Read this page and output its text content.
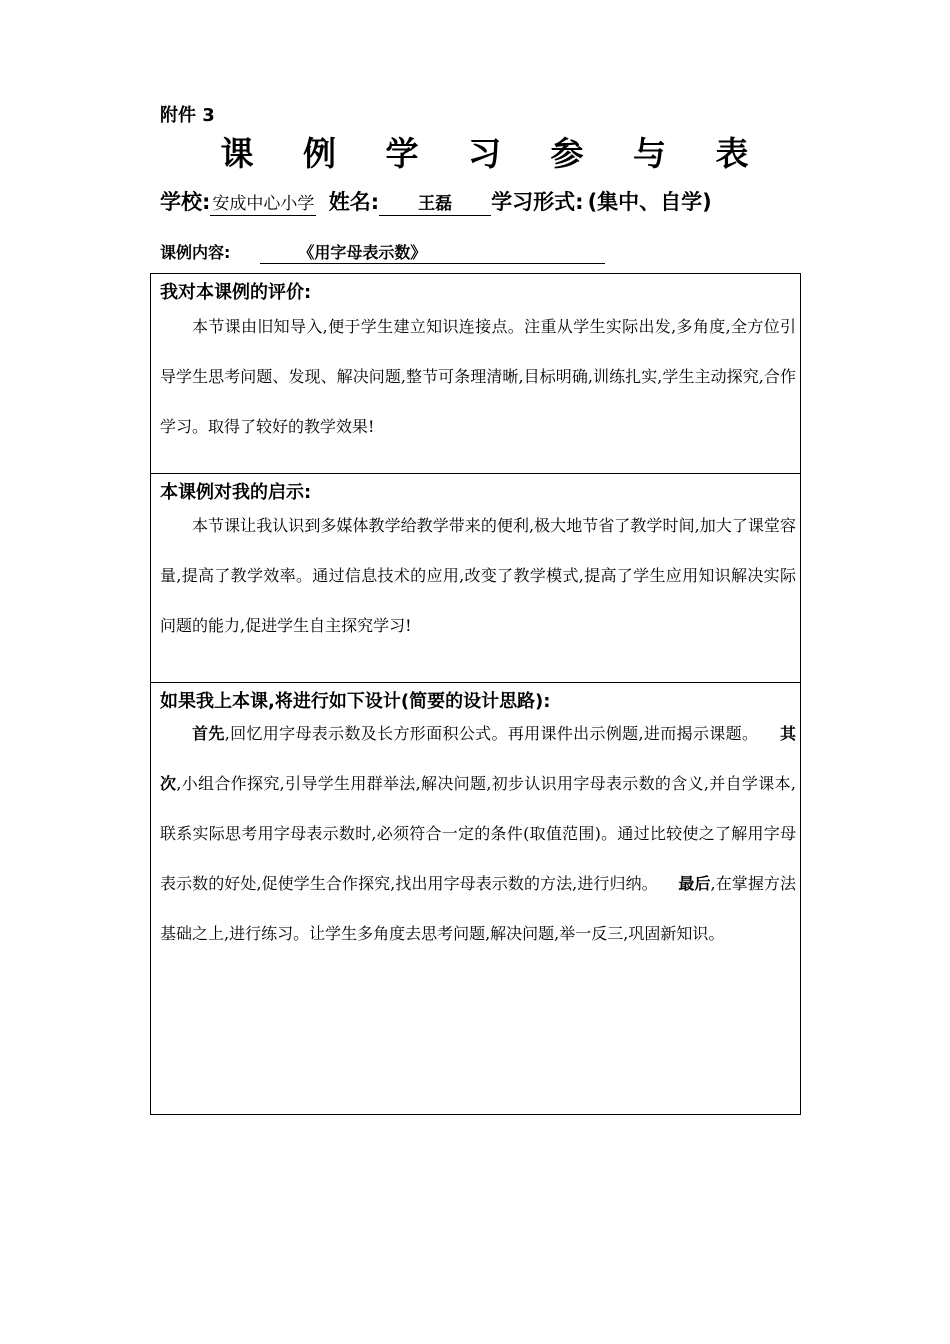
附件 3
课 例 学 习 参 与 表
学校: 安成中心小学 姓名: 王磊 学习形式: (集中、自学)
课例内容:	《用字母表示数》
我对本课例的评价:
本节课由旧知导入,便于学生建立知识连接点。注重从学生实际出发,多角度,全方位引导学生思考问题、发现、解决问题,整节可条理清晰,目标明确,训练扎实,学生主动探究,合作学习。取得了较好的教学效果!
本课例对我的启示:
本节课让我认识到多媒体教学给教学带来的便利,极大地节省了教学时间,加大了课堂容量,提高了教学效率。通过信息技术的应用,改变了教学模式,提高了学生应用知识解决实际问题的能力,促进学生自主探究学习!
如果我上本课,将进行如下设计(简要的设计思路):
首先,回忆用字母表示数及长方形面积公式。再用课件出示例题,进而揭示课题。 其次,小组合作探究,引导学生用群举法,解决问题,初步认识用字母表示数的含义,并自学课本,联系实际思考用字母表示数时,必须符合一定的条件(取值范围)。通过比较使之了解用字母表示数的好处,促使学生合作探究,找出用字母表示数的方法,进行归纳。 最后,在掌握方法基础之上,进行练习。让学生多角度去思考问题,解决问题,举一反三,巩固新知识。
